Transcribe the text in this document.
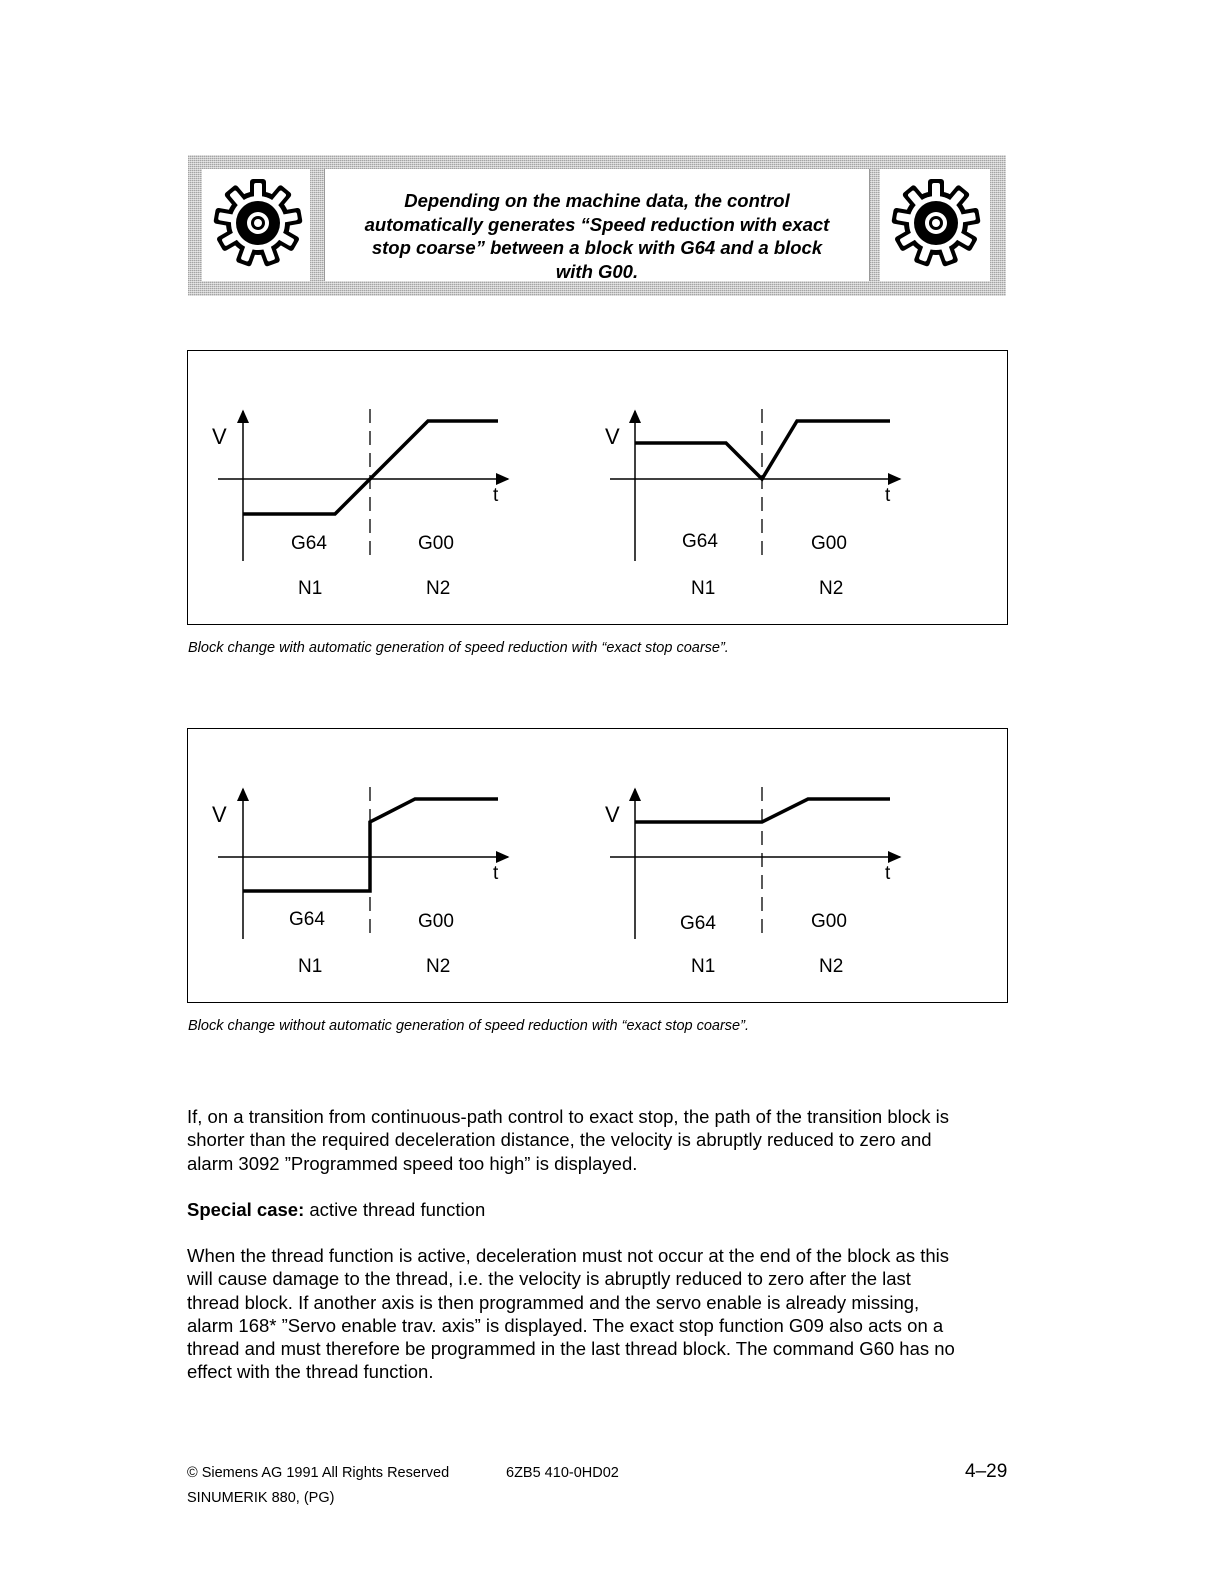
Depending on the machine data, the control
automatically generates “Speed reduction with exact
stop coarse” between a block with G64 and a block
with G00.

V
t
G64	G00
N1	N2
V
t
G64	G00
N1	N2

Block change with automatic generation of speed reduction with “exact stop coarse”.

V
t
G64	G00
N1	N2
V
t
G64	G00
N1	N2

Block change without automatic generation of speed reduction with “exact stop coarse”.

If, on a transition from continuous-path control to exact stop, the path of the transition block is
shorter than the required deceleration distance, the velocity is abruptly reduced to zero and
alarm 3092 ”Programmed speed too high” is displayed.

Special case: active thread function

When the thread function is active, deceleration must not occur at the end of the block as this
will cause damage to the thread, i.e. the velocity is abruptly reduced to zero after the last
thread block. If another axis is then programmed and the servo enable is already missing,
alarm 168* ”Servo enable trav. axis” is displayed. The exact stop function G09 also acts on a
thread and must therefore be programmed in the last thread block. The command G60 has no
effect with the thread function.

© Siemens AG 1991 All Rights Reserved	6ZB5 410-0HD02	4–29

SINUMERIK 880, (PG)
